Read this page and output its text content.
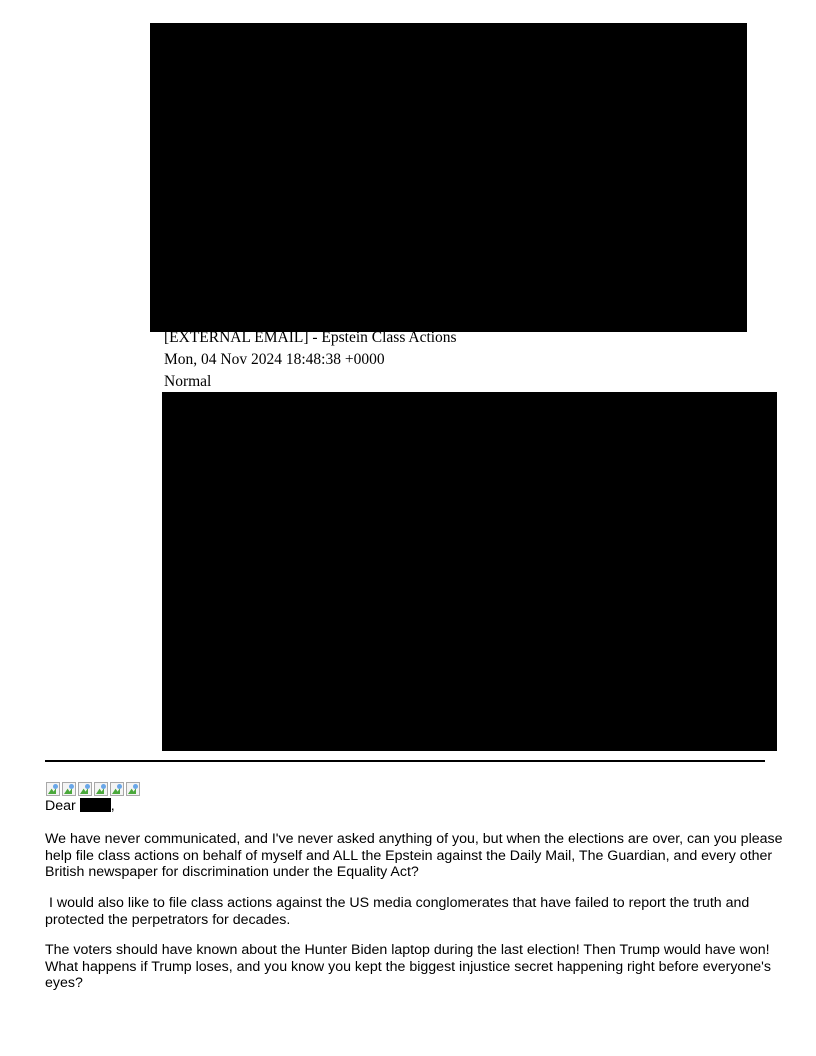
[EXTERNAL EMAIL] - Epstein Class Actions
Mon, 04 Nov 2024 18:48:38 +0000
Normal
Dear ,
We have never communicated, and I've never asked anything of you, but when the elections are over, can you please help file class actions on behalf of myself and ALL the Epstein against the Daily Mail, The Guardian, and every other British newspaper for discrimination under the Equality Act?
I would also like to file class actions against the US media conglomerates that have failed to report the truth and protected the perpetrators for decades.
The voters should have known about the Hunter Biden laptop during the last election! Then Trump would have won! What happens if Trump loses, and you know you kept the biggest injustice secret happening right before everyone's eyes?
